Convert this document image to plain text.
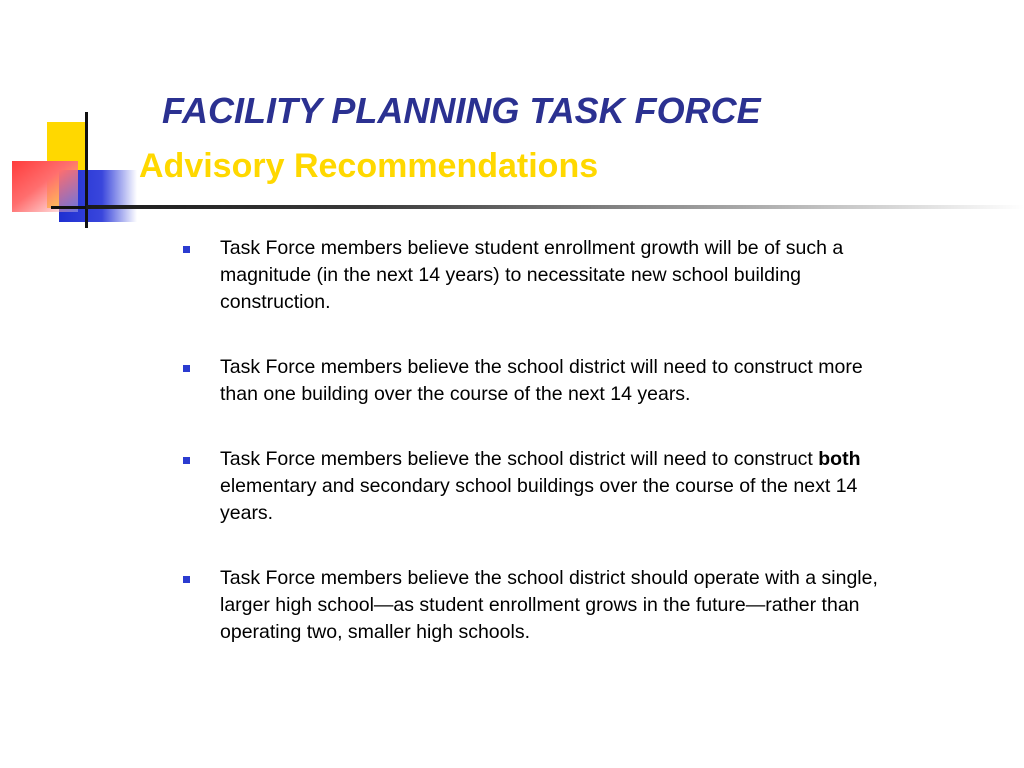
FACILITY PLANNING TASK FORCE
Advisory Recommendations
Task Force members believe student enrollment growth will be of such a magnitude (in the next 14 years) to necessitate new school building construction.
Task Force members believe the school district will need to construct more than one building over the course of the next 14 years.
Task Force members believe the school district will need to construct both elementary and secondary school buildings over the course of the next 14 years.
Task Force members believe the school district should operate with a single, larger high school—as student enrollment grows in the future—rather than operating two, smaller high schools.
